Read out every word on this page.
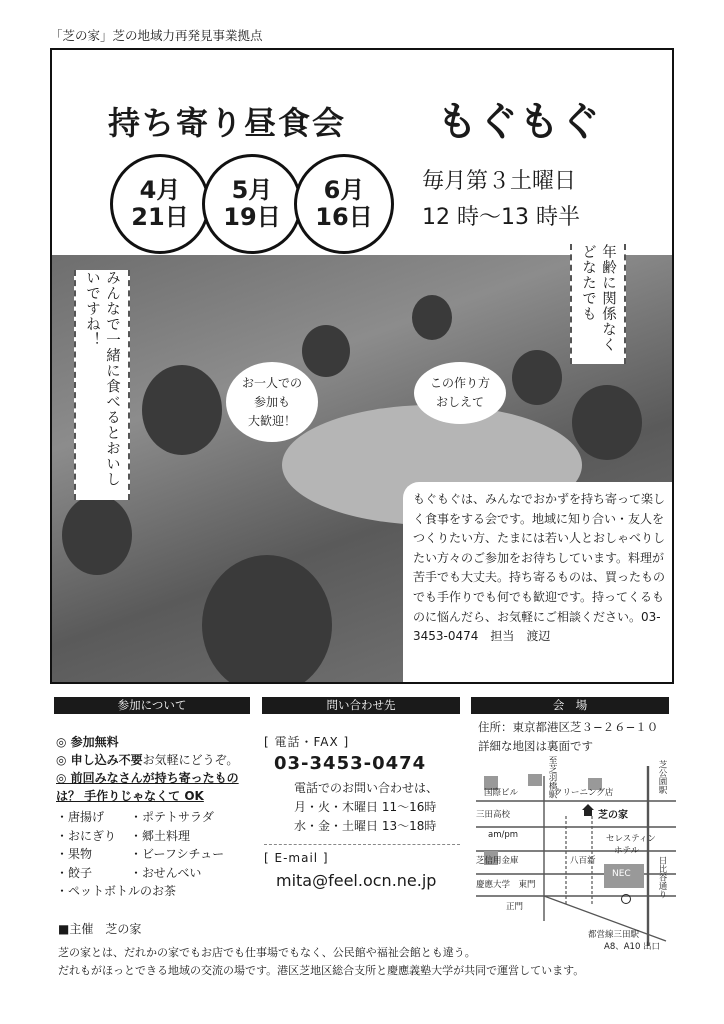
「芝の家」芝の地域力再発見事業拠点
持ち寄り昼食会 もぐもぐ
4月
21日
5月
19日
6月
16日
毎月第３土曜日
12 時〜13 時半
みんなで一緒に食べるとおいしいですね！	年齢に関係なくどなたでも
お一人での
参加も
大歓迎！
この作り方
おしえて
もぐもぐは、みんなでおかずを持ち寄って楽しく食事をする会です。地域に知り合い・友人をつくりたい方、たまには若い人とおしゃべりしたい方々のご参加をお待ちしています。料理が苦手でも大丈夫。持ち寄るものは、買ったものでも手作りでも何でも歓迎です。持ってくるものに悩んだら、お気軽にご相談ください。03-3453-0474　担当　渡辺
参加について	問い合わせ先	会　場
◎ 参加無料
◎ 申し込み不要お気軽にどうぞ。
◎ 前回みなさんが持ち寄ったものは？ 手作りじゃなくて OK
・唐揚げ	・ポテトサラダ
・おにぎり	・郷土料理
・果物	・ビーフシチュー
・餃子	・おせんべい
・ペットボトルのお茶
[ 電話・FAX ]
03-3453-0474
電話でのお問い合わせは、
月・火・木曜日 11〜16時
水・金・土曜日 13〜18時
[ E-mail ]
mita@feel.ocn.ne.jp
住所：東京都港区芝３−２６−１０
詳細な地図は裏面です
芝公園駅
至芝羽橋駅
国際ビル	クリーニング店
三田高校	芝の家
am/pm	セレスティン
ホテル
芝信用金庫	八百新
慶應大学　東門
NEC	日比谷通り
正門
都営線三田駅
A8、A10 出口
■主催　芝の家
芝の家とは、だれかの家でもお店でも仕事場でもなく、公民館や福祉会館とも違う。
だれもがほっとできる地域の交流の場です。港区芝地区総合支所と慶應義塾大学が共同で運営しています。
